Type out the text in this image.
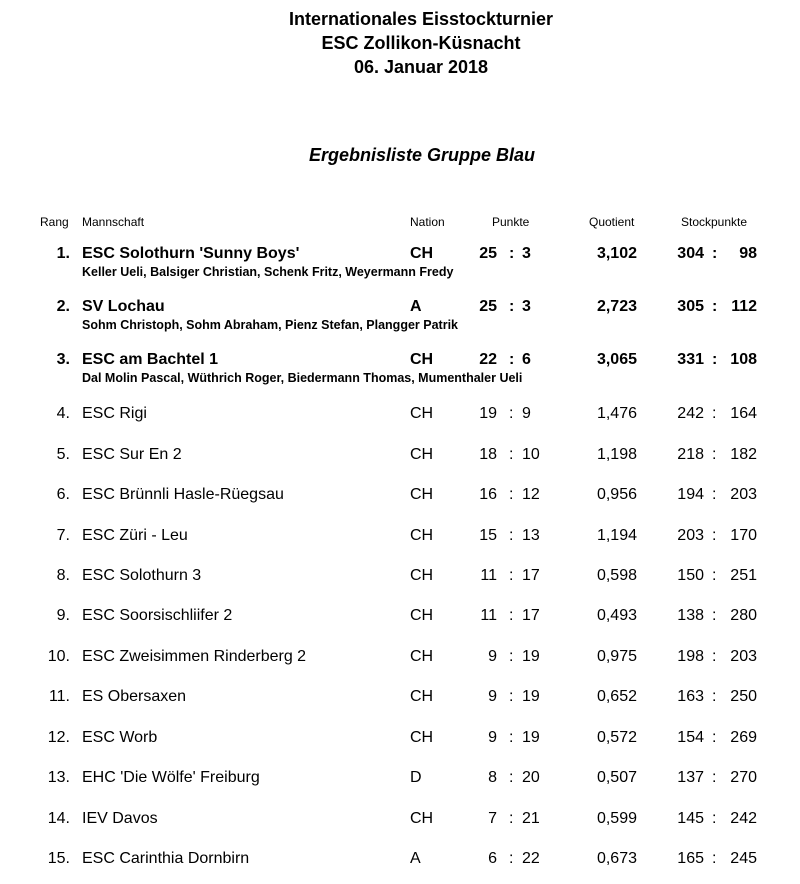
Internationales Eisstockturnier
ESC Zollikon-Küsnacht
06. Januar 2018
Ergebnisliste Gruppe Blau
Rang Mannschaft	Nation	Punkte	Quotient	Stockpunkte
1. ESC Solothurn 'Sunny Boys'	CH	25 : 3	3,102	304 : 98
Keller Ueli, Balsiger Christian, Schenk Fritz, Weyermann Fredy
2. SV Lochau	A	25 : 3	2,723	305 : 112
Sohm Christoph, Sohm Abraham, Pienz Stefan, Plangger Patrik
3. ESC am Bachtel 1	CH	22 : 6	3,065	331 : 108
Dal Molin Pascal, Wüthrich Roger, Biedermann Thomas, Mumenthaler Ueli
4. ESC Rigi	CH	19 : 9	1,476	242 : 164
5. ESC Sur En 2	CH	18 : 10	1,198	218 : 182
6. ESC Brünnli Hasle-Rüegsau	CH	16 : 12	0,956	194 : 203
7. ESC Züri - Leu	CH	15 : 13	1,194	203 : 170
8. ESC Solothurn 3	CH	11 : 17	0,598	150 : 251
9. ESC Soorsischliifer 2	CH	11 : 17	0,493	138 : 280
10. ESC Zweisimmen Rinderberg 2	CH	9 : 19	0,975	198 : 203
11. ES Obersaxen	CH	9 : 19	0,652	163 : 250
12. ESC Worb	CH	9 : 19	0,572	154 : 269
13. EHC 'Die Wölfe' Freiburg	D	8 : 20	0,507	137 : 270
14. IEV Davos	CH	7 : 21	0,599	145 : 242
15. ESC Carinthia Dornbirn	A	6 : 22	0,673	165 : 245
